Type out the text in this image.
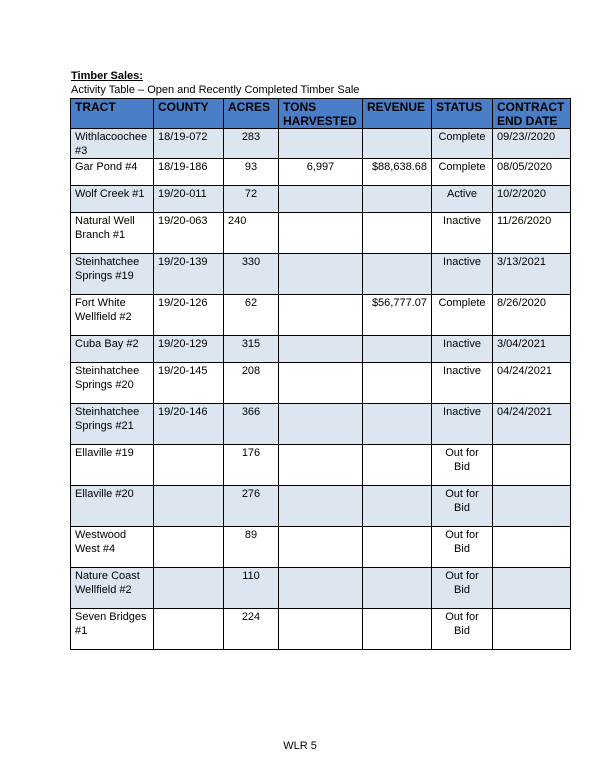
Timber Sales:
Activity Table – Open and Recently Completed Timber Sale
TRACT	COUNTY	ACRES	TONS HARVESTED	REVENUE	STATUS	CONTRACT END DATE
Withlacoochee #3	18/19-072	283			Complete	09/23//2020
Gar Pond #4	18/19-186	93	6,997	$88,638.68	Complete	08/05/2020
Wolf Creek #1	19/20-011	72			Active	10/2/2020
Natural Well Branch #1	19/20-063	240			Inactive	11/26/2020
Steinhatchee Springs #19	19/20-139	330			Inactive	3/13/2021
Fort White Wellfield #2	19/20-126	62		$56,777.07	Complete	8/26/2020
Cuba Bay #2	19/20-129	315			Inactive	3/04/2021
Steinhatchee Springs #20	19/20-145	208			Inactive	04/24/2021
Steinhatchee Springs #21	19/20-146	366			Inactive	04/24/2021
Ellaville #19		176			Out for Bid	
Ellaville #20		276			Out for Bid	
Westwood West #4		89			Out for Bid	
Nature Coast Wellfield #2		110			Out for Bid	
Seven Bridges #1		224			Out for Bid	
WLR 5
